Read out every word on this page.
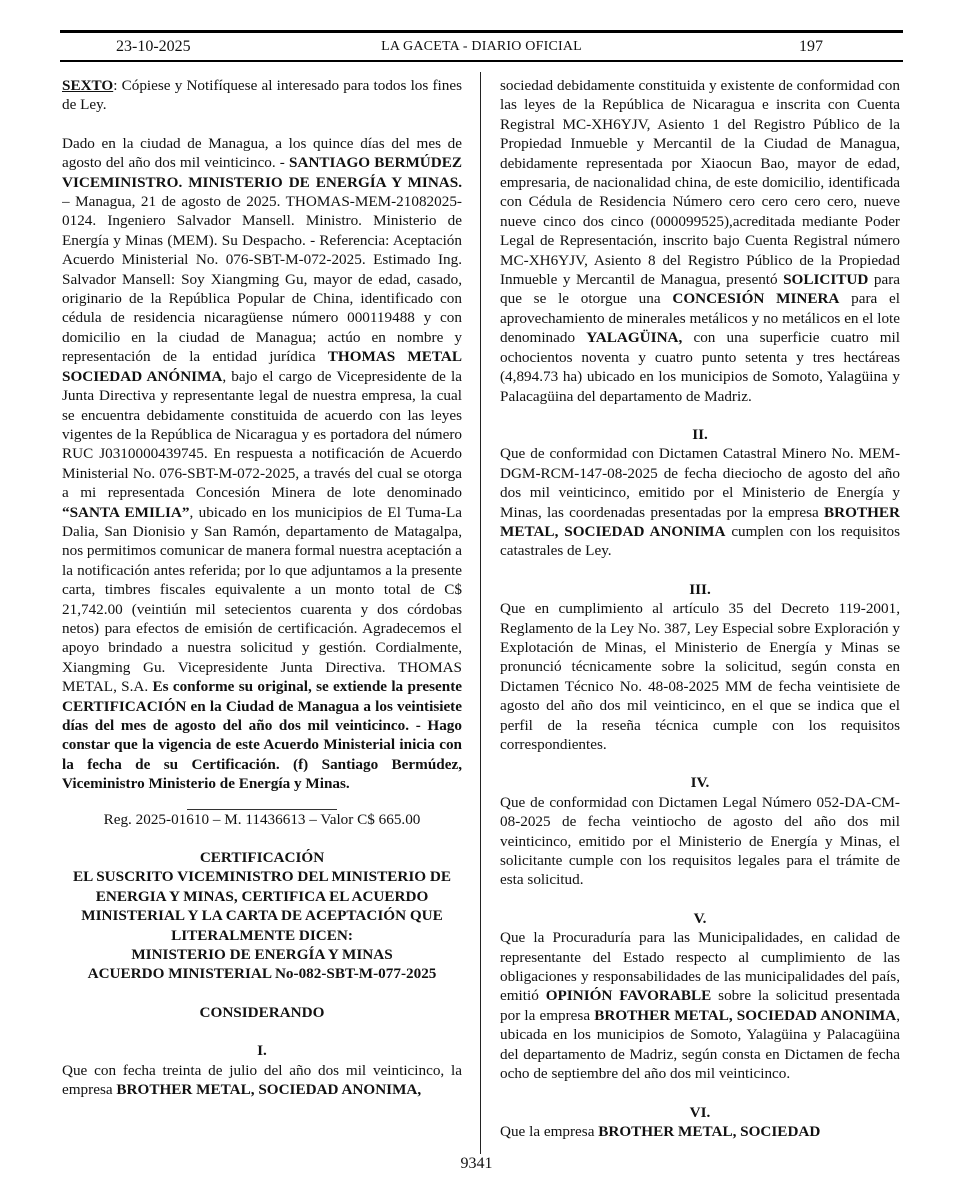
23-10-2025	LA GACETA - DIARIO OFICIAL	197

SEXTO: Cópiese y Notifíquese al interesado para todos los fines de Ley.

Dado en la ciudad de Managua, a los quince días del mes de agosto del año dos mil veinticinco. - SANTIAGO BERMÚDEZ VICEMINISTRO. MINISTERIO DE ENERGÍA Y MINAS. – Managua, 21 de agosto de 2025. THOMAS-MEM-21082025-0124. Ingeniero Salvador Mansell. Ministro. Ministerio de Energía y Minas (MEM). Su Despacho. - Referencia: Aceptación Acuerdo Ministerial No. 076-SBT-M-072-2025. Estimado Ing. Salvador Mansell: Soy Xiangming Gu, mayor de edad, casado, originario de la República Popular de China, identificado con cédula de residencia nicaragüense número 000119488 y con domicilio en la ciudad de Managua; actúo en nombre y representación de la entidad jurídica THOMAS METAL SOCIEDAD ANÓNIMA, bajo el cargo de Vicepresidente de la Junta Directiva y representante legal de nuestra empresa, la cual se encuentra debidamente constituida de acuerdo con las leyes vigentes de la República de Nicaragua y es portadora del número RUC J0310000439745. En respuesta a notificación de Acuerdo Ministerial No. 076-SBT-M-072-2025, a través del cual se otorga a mi representada Concesión Minera de lote denominado “SANTA EMILIA”, ubicado en los municipios de El Tuma-La Dalia, San Dionisio y San Ramón, departamento de Matagalpa, nos permitimos comunicar de manera formal nuestra aceptación a la notificación antes referida; por lo que adjuntamos a la presente carta, timbres fiscales equivalente a un monto total de C$ 21,742.00 (veintiún mil setecientos cuarenta y dos córdobas netos) para efectos de emisión de certificación. Agradecemos el apoyo brindado a nuestra solicitud y gestión. Cordialmente, Xiangming Gu. Vicepresidente Junta Directiva. THOMAS METAL, S.A. Es conforme su original, se extiende la presente CERTIFICACIÓN en la Ciudad de Managua a los veintisiete días del mes de agosto del año dos mil veinticinco. - Hago constar que la vigencia de este Acuerdo Ministerial inicia con la fecha de su Certificación. (f) Santiago Bermúdez, Viceministro Ministerio de Energía y Minas.

Reg. 2025-01610 – M. 11436613 – Valor C$ 665.00

CERTIFICACIÓN

EL SUSCRITO VICEMINISTRO DEL MINISTERIO DE ENERGIA Y MINAS, CERTIFICA EL ACUERDO MINISTERIAL Y LA CARTA DE ACEPTACIÓN QUE LITERALMENTE DICEN:

MINISTERIO DE ENERGÍA Y MINAS

ACUERDO MINISTERIAL No-082-SBT-M-077-2025

CONSIDERANDO

I.

Que con fecha treinta de julio del año dos mil veinticinco, la empresa BROTHER METAL, SOCIEDAD ANONIMA,

sociedad debidamente constituida y existente de conformidad con las leyes de la República de Nicaragua e inscrita con Cuenta Registral MC-XH6YJV, Asiento 1 del Registro Público de la Propiedad Inmueble y Mercantil de la Ciudad de Managua, debidamente representada por Xiaocun Bao, mayor de edad, empresaria, de nacionalidad china, de este domicilio, identificada con Cédula de Residencia Número cero cero cero cero, nueve nueve cinco dos cinco (000099525),acreditada mediante Poder Legal de Representación, inscrito bajo Cuenta Registral número MC-XH6YJV, Asiento 8 del Registro Público de la Propiedad Inmueble y Mercantil de Managua, presentó SOLICITUD para que se le otorgue una CONCESIÓN MINERA para el aprovechamiento de minerales metálicos y no metálicos en el lote denominado YALAGÜINA, con una superficie cuatro mil ochocientos noventa y cuatro punto setenta y tres hectáreas (4,894.73 ha) ubicado en los municipios de Somoto, Yalagüina y Palacagüina del departamento de Madriz.

II.

Que de conformidad con Dictamen Catastral Minero No. MEM-DGM-RCM-147-08-2025 de fecha dieciocho de agosto del año dos mil veinticinco, emitido por el Ministerio de Energía y Minas, las coordenadas presentadas por la empresa BROTHER METAL, SOCIEDAD ANONIMA cumplen con los requisitos catastrales de Ley.

III.

Que en cumplimiento al artículo 35 del Decreto 119-2001, Reglamento de la Ley No. 387, Ley Especial sobre Exploración y Explotación de Minas, el Ministerio de Energía y Minas se pronunció técnicamente sobre la solicitud, según consta en Dictamen Técnico No. 48-08-2025 MM de fecha veintisiete de agosto del año dos mil veinticinco, en el que se indica que el perfil de la reseña técnica cumple con los requisitos correspondientes.

IV.

Que de conformidad con Dictamen Legal Número 052-DA-CM-08-2025 de fecha veintiocho de agosto del año dos mil veinticinco, emitido por el Ministerio de Energía y Minas, el solicitante cumple con los requisitos legales para el trámite de esta solicitud.

V.

Que la Procuraduría para las Municipalidades, en calidad de representante del Estado respecto al cumplimiento de las obligaciones y responsabilidades de las municipalidades del país, emitió OPINIÓN FAVORABLE sobre la solicitud presentada por la empresa BROTHER METAL, SOCIEDAD ANONIMA, ubicada en los municipios de Somoto, Yalagüina y Palacagüina del departamento de Madriz, según consta en Dictamen de fecha ocho de septiembre del año dos mil veinticinco.

VI.

Que la empresa BROTHER METAL, SOCIEDAD

9341
